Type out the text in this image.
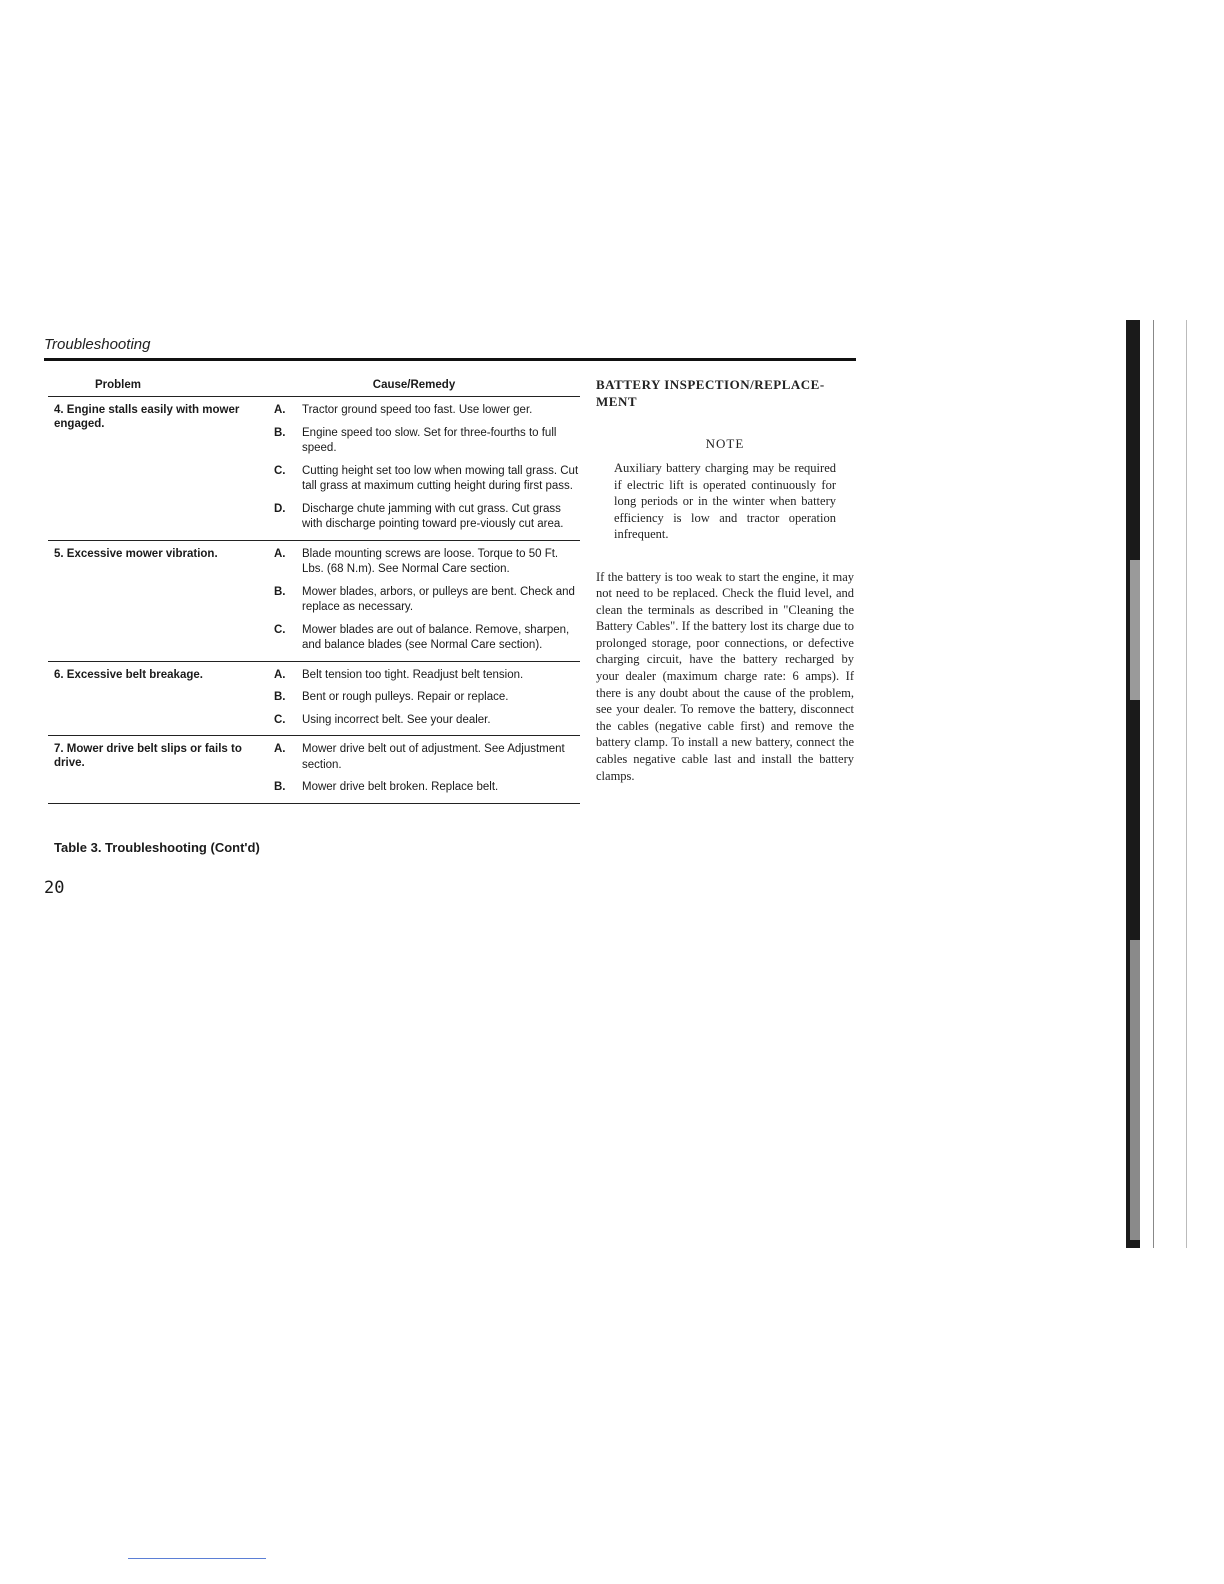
Troubleshooting
Problem	Cause/Remedy
4. Engine stalls easily with mower engaged.
A.	Tractor ground speed too fast. Use lower ger.
B.	Engine speed too slow. Set for three-fourths to full speed.
C.	Cutting height set too low when mowing tall grass. Cut tall grass at maximum cutting height during first pass.
D.	Discharge chute jamming with cut grass. Cut grass with discharge pointing toward pre-viously cut area.
5. Excessive mower vibration.	A.	Blade mounting screws are loose. Torque to 50 Ft. Lbs. (68 N.m). See Normal Care section.
B.	Mower blades, arbors, or pulleys are bent. Check and replace as necessary.
C.	Mower blades are out of balance. Remove, sharpen, and balance blades (see Normal Care section).
6. Excessive belt breakage.	A.	Belt tension too tight. Readjust belt tension.
B.	Bent or rough pulleys. Repair or replace.
C.	Using incorrect belt. See your dealer.
7. Mower drive belt slips or fails to drive.
A.	Mower drive belt out of adjustment. See Adjustment section.
B.	Mower drive belt broken. Replace belt.
Table 3. Troubleshooting (Cont'd)
20
BATTERY INSPECTION/REPLACE-MENT
NOTE
Auxiliary battery charging may be required if electric lift is operated continuously for long periods or in the winter when battery efficiency is low and tractor operation infrequent.
If the battery is too weak to start the engine, it may not need to be replaced. Check the fluid level, and clean the terminals as described in "Cleaning the Battery Cables". If the battery lost its charge due to prolonged storage, poor connections, or defective charging circuit, have the battery recharged by your dealer (maximum charge rate: 6 amps). If there is any doubt about the cause of the problem, see your dealer. To remove the battery, disconnect the cables (negative cable first) and remove the battery clamp. To install a new battery, connect the cables negative cable last and install the battery clamps.
